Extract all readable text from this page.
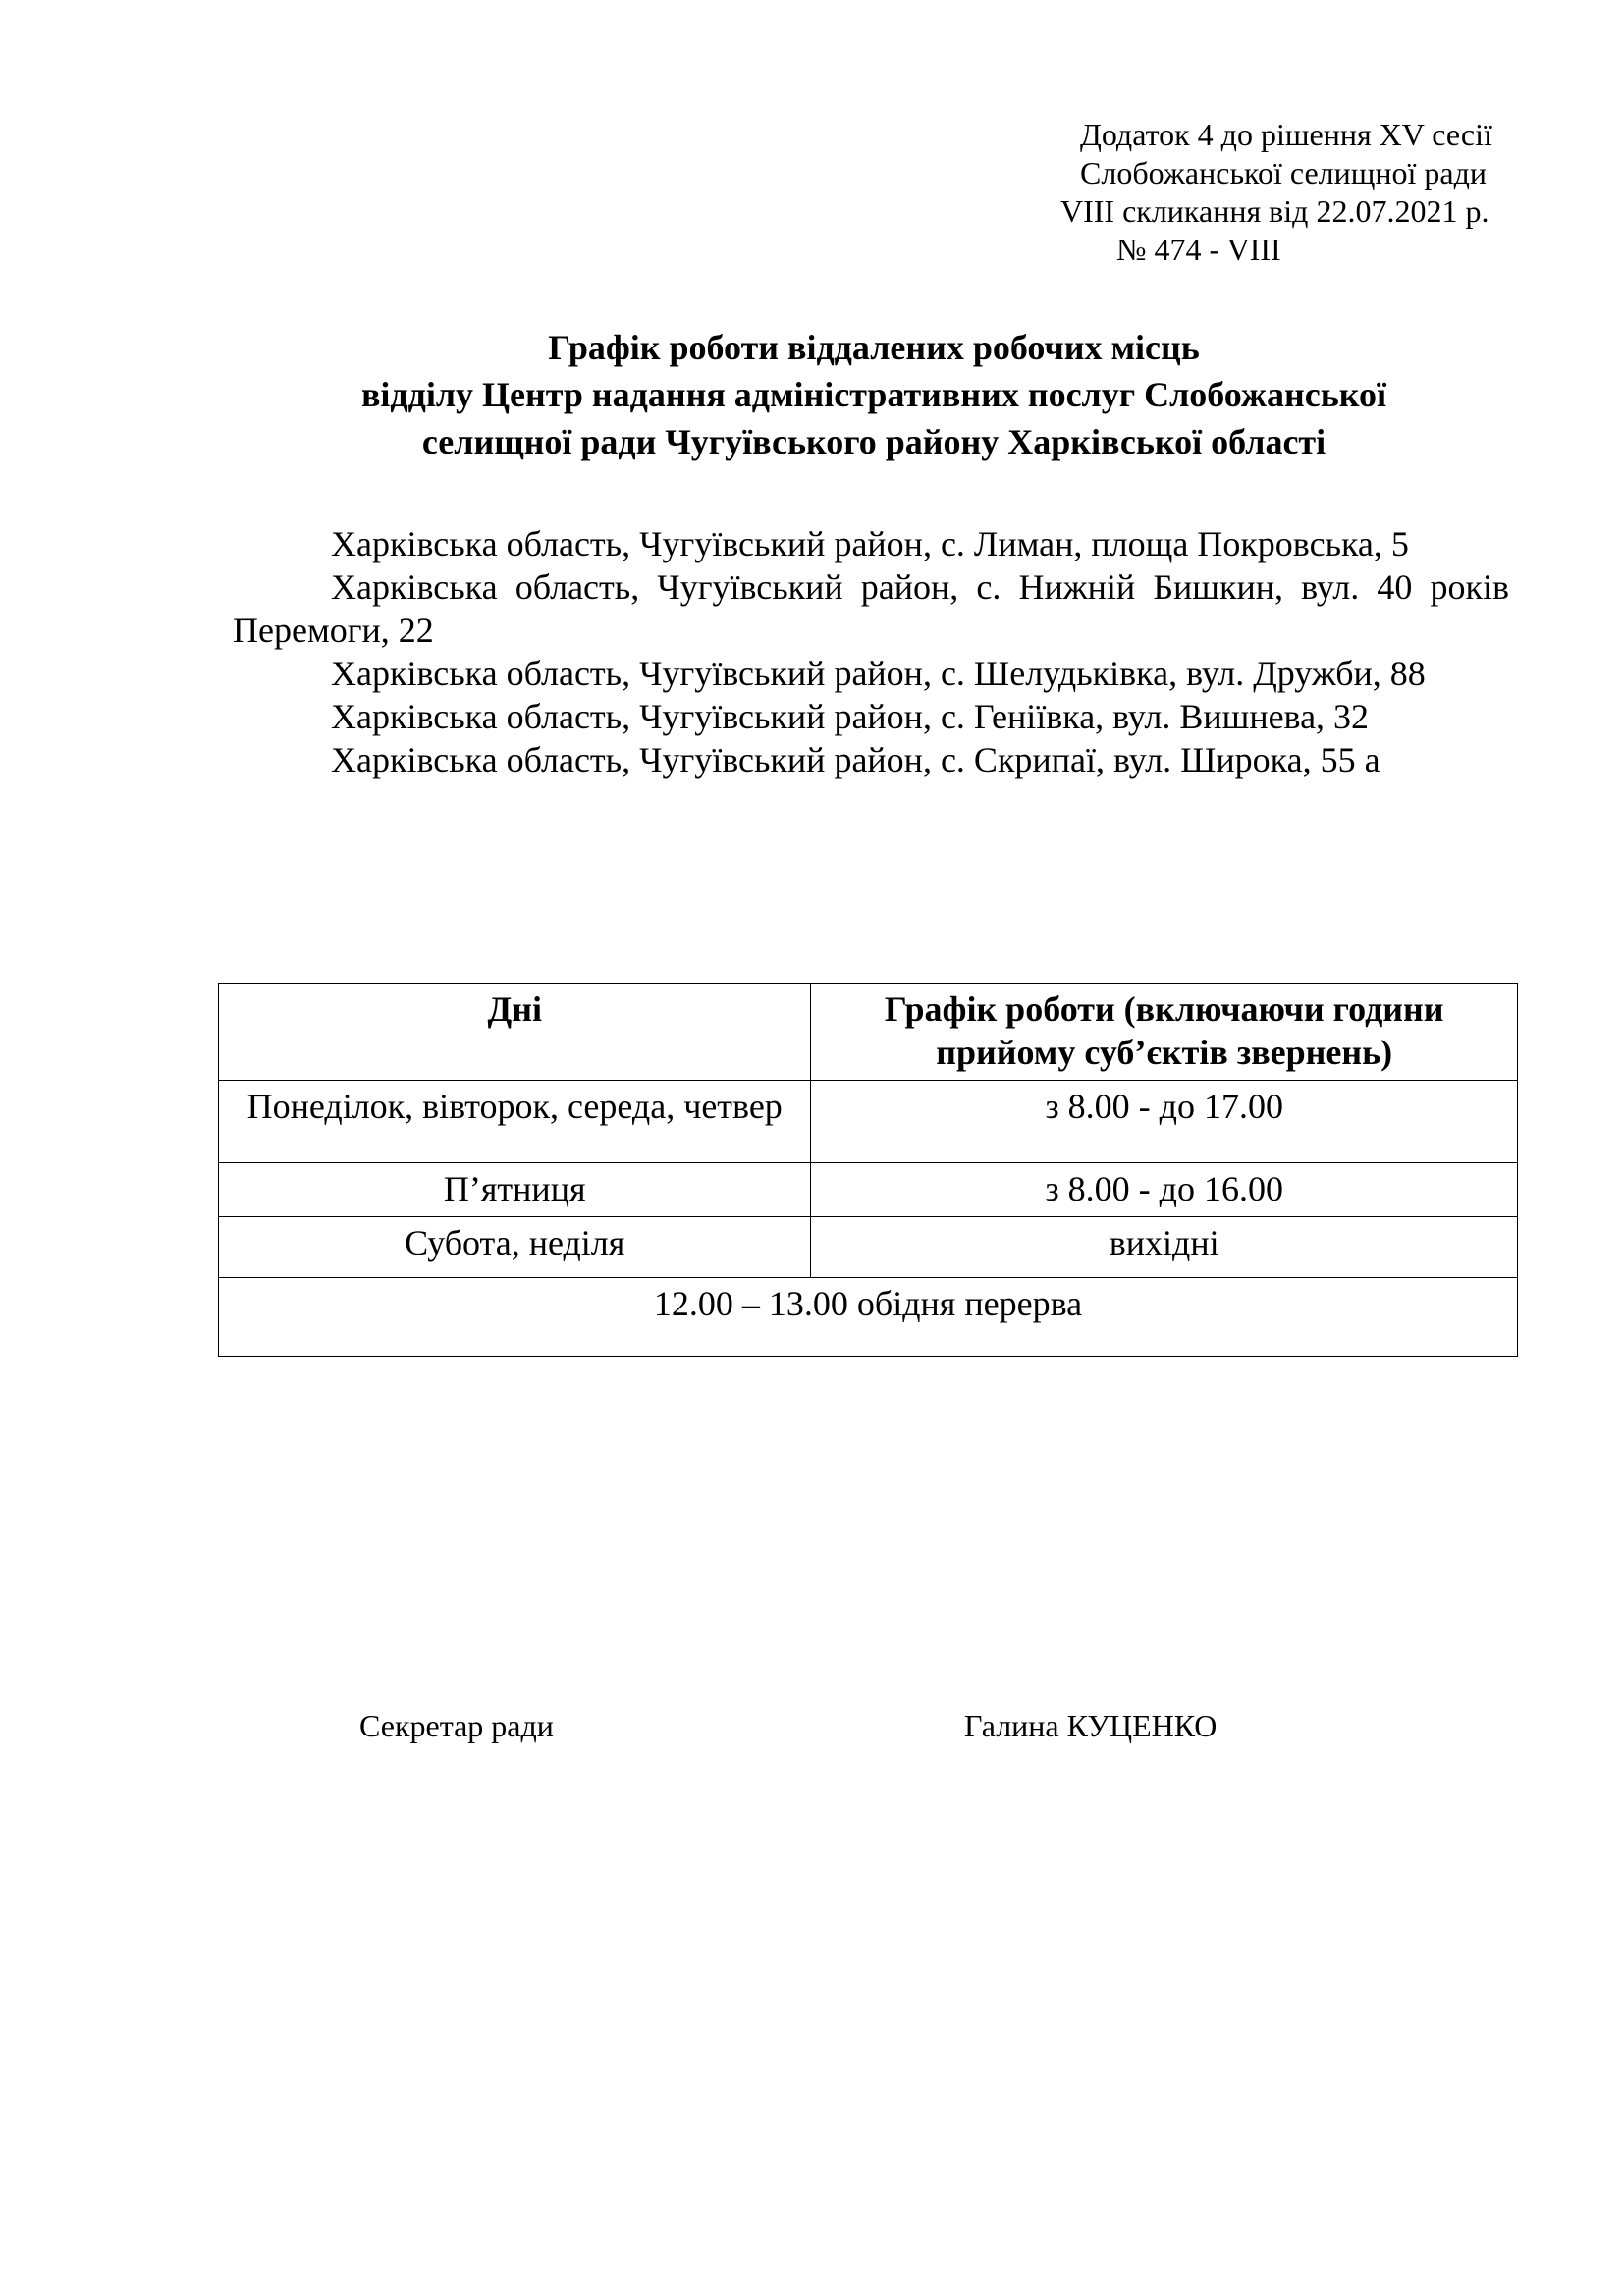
Додаток 4 до рішення XV сесії
Слобожанської селищної ради
VIII скликання від 22.07.2021 р.
№ 474 - VIII
Графік роботи віддалених робочих місць
відділу Центр надання адміністративних послуг Слобожанської
селищної ради Чугуївського району Харківської області
Харківська область, Чугуївський район, с. Лиман, площа Покровська, 5
Харківська область, Чугуївський район, с. Нижній Бишкин, вул. 40 років Перемоги, 22
Харківська область, Чугуївський район, с. Шелудьківка, вул. Дружби, 88
Харківська область, Чугуївський район, с. Геніївка, вул. Вишнева, 32
Харківська область, Чугуївський район, с. Скрипаї, вул. Широка, 55 а
Дні	Графік роботи (включаючи години прийому суб’єктів звернень)
Понеділок, вівторок, середа, четвер	з 8.00 - до 17.00
П’ятниця	з 8.00 - до 16.00
Субота, неділя	вихідні
12.00 – 13.00 обідня перерва	
Секретар ради	Галина КУЦЕНКО
